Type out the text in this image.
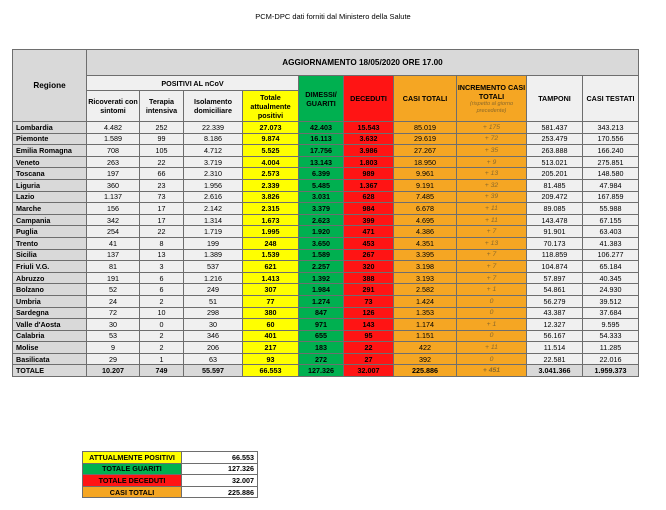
PCM-DPC dati forniti dal Ministero della Salute
Regione	AGGIORNAMENTO 18/05/2020 ORE 17.00									
	POSITIVI AL nCoV				DIMESSI/ GUARITI	DECEDUTI	CASI TOTALI	INCREMENTO CASI TOTALI
(rispetto al giorno precedente)	TAMPONI	CASI TESTATI
	Ricoverati con sintomi	Terapia intensiva	Isolamento domiciliare	Totale attualmente positivi						
Lombardia	4.482	252	22.339	27.073	42.403	15.543	85.019	+ 175	581.437	343.213
Piemonte	1.589	99	8.186	9.874	16.113	3.632	29.619	+ 72	253.479	170.556
Emilia Romagna	708	105	4.712	5.525	17.756	3.986	27.267	+ 35	263.888	166.240
Veneto	263	22	3.719	4.004	13.143	1.803	18.950	+ 9	513.021	275.851
Toscana	197	66	2.310	2.573	6.399	989	9.961	+ 13	205.201	148.580
Liguria	360	23	1.956	2.339	5.485	1.367	9.191	+ 32	81.485	47.984
Lazio	1.137	73	2.616	3.826	3.031	628	7.485	+ 39	209.472	167.859
Marche	156	17	2.142	2.315	3.379	984	6.678	+ 11	89.085	55.988
Campania	342	17	1.314	1.673	2.623	399	4.695	+ 11	143.478	67.155
Puglia	254	22	1.719	1.995	1.920	471	4.386	+ 7	91.901	63.403
Trento	41	8	199	248	3.650	453	4.351	+ 13	70.173	41.383
Sicilia	137	13	1.389	1.539	1.589	267	3.395	+ 7	118.859	106.277
Friuli V.G.	81	3	537	621	2.257	320	3.198	+ 7	104.874	65.184
Abruzzo	191	6	1.216	1.413	1.392	388	3.193	+ 7	57.897	40.345
Bolzano	52	6	249	307	1.984	291	2.582	+ 1	54.861	24.930
Umbria	24	2	51	77	1.274	73	1.424	0	56.279	39.512
Sardegna	72	10	298	380	847	126	1.353	0	43.387	37.684
Valle d'Aosta	30	0	30	60	971	143	1.174	+ 1	12.327	9.595
Calabria	53	2	346	401	655	95	1.151	0	56.167	54.333
Molise	9	2	206	217	183	22	422	+ 11	11.514	11.285
Basilicata	29	1	63	93	272	27	392	0	22.581	22.016
TOTALE	10.207	749	55.597	66.553	127.326	32.007	225.886	+ 451	3.041.366	1.959.373
ATTUALMENTE POSITIVI	66.553
TOTALE GUARITI	127.326
TOTALE DECEDUTI	32.007
CASI TOTALI	225.886
